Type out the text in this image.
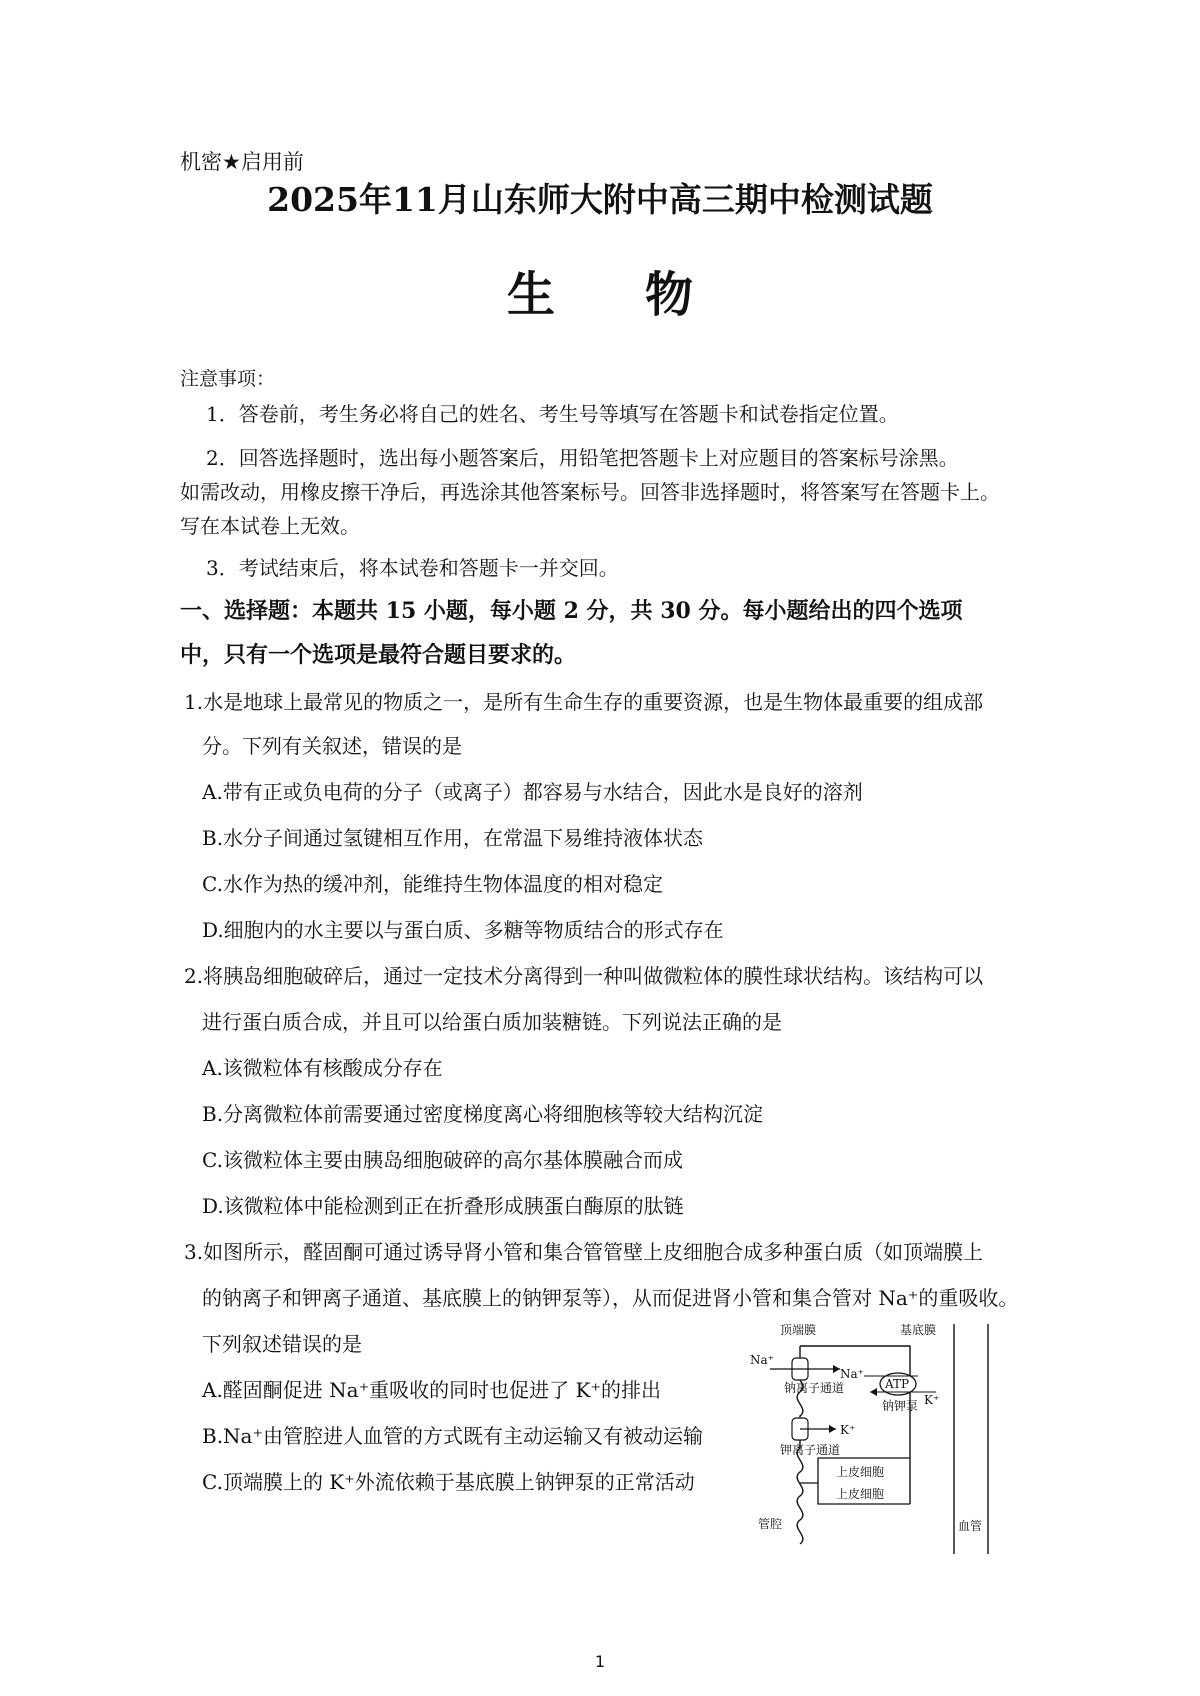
机密★启用前
2025年11月山东师大附中高三期中检测试题
生物
注意事项：
1．答卷前，考生务必将自己的姓名、考生号等填写在答题卡和试卷指定位置。
2．回答选择题时，选出每小题答案后，用铅笔把答题卡上对应题目的答案标号涂黑。
如需改动，用橡皮擦干净后，再选涂其他答案标号。回答非选择题时，将答案写在答题卡上。
写在本试卷上无效。
3．考试结束后，将本试卷和答题卡一并交回。
一、选择题：本题共 15 小题，每小题 2 分，共 30 分。每小题给出的四个选项
中，只有一个选项是最符合题目要求的。
1.水是地球上最常见的物质之一，是所有生命生存的重要资源，也是生物体最重要的组成部
分。下列有关叙述，错误的是
A.带有正或负电荷的分子（或离子）都容易与水结合，因此水是良好的溶剂
B.水分子间通过氢键相互作用，在常温下易维持液体状态
C.水作为热的缓冲剂，能维持生物体温度的相对稳定
D.细胞内的水主要以与蛋白质、多糖等物质结合的形式存在
2.将胰岛细胞破碎后，通过一定技术分离得到一种叫做微粒体的膜性球状结构。该结构可以
进行蛋白质合成，并且可以给蛋白质加装糖链。下列说法正确的是
A.该微粒体有核酸成分存在
B.分离微粒体前需要通过密度梯度离心将细胞核等较大结构沉淀
C.该微粒体主要由胰岛细胞破碎的高尔基体膜融合而成
D.该微粒体中能检测到正在折叠形成胰蛋白酶原的肽链
3.如图所示，醛固酮可通过诱导肾小管和集合管管壁上皮细胞合成多种蛋白质（如顶端膜上
的钠离子和钾离子通道、基底膜上的钠钾泵等），从而促进肾小管和集合管对 Na⁺的重吸收。
下列叙述错误的是
A.醛固酮促进 Na⁺重吸收的同时也促进了 K⁺的排出
B.Na⁺由管腔进人血管的方式既有主动运输又有被动运输
C.顶端膜上的 K⁺外流依赖于基底膜上钠钾泵的正常活动
顶端膜	基底膜
Na⁺
钠离子通道	ATP
Na⁺
钠钾泵 K⁺
K⁺
钾离子通道
上皮细胞
上皮细胞
管腔	血管
1
